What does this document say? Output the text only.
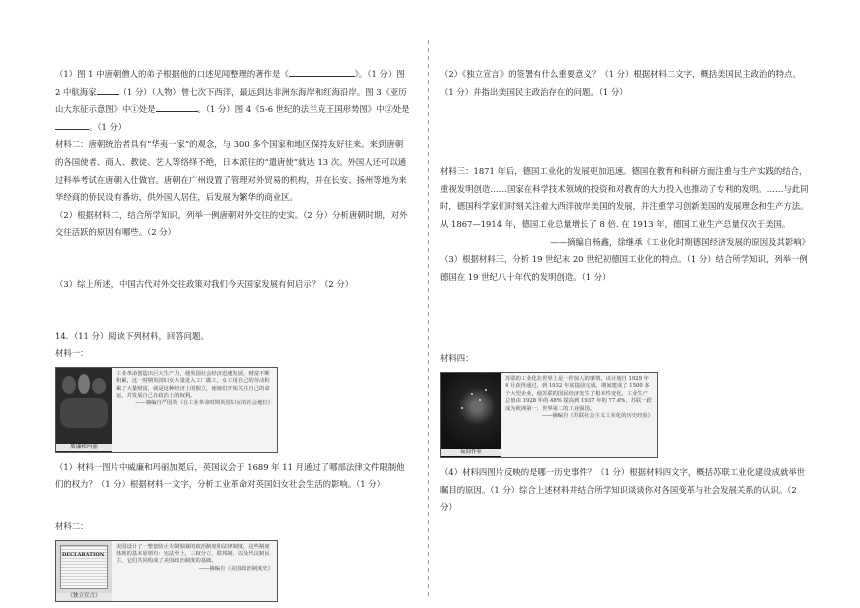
（1）图 1 中唐朝僧人的弟子根据他的口述见闻整理的著作是《	》。（1 分）图 2 中航海家	（1 分）（人物）曾七次下西洋，最远到达非洲东海岸和红海沿岸。图 3《亚历山大东征示意图》中①处是	。（1 分）图 4《5-6 世纪的法兰克王国形势图》中②处是。（1 分）

材料二：唐朝统治者具有“华夷一家”的观念，与 300 多个国家和地区保持友好往来。来到唐朝的各国使者、商人、教徒、艺人等络绎不绝，日本派往的“遣唐使”就达 13 次。外国人还可以通过科举考试在唐朝入仕做官。唐朝在广州设置了管理对外贸易的机构，并在长安、扬州等地为来华经商的侨民设有番坊，供外国人居住，后发展为繁华的商业区。

（2）根据材料二，结合所学知识，列举一例唐朝对外交往的史实。（2 分）分析唐朝时期，对外交往活跃的原因有哪些。（2 分）

（3）综上所述，中国古代对外交往政策对我们今天国家发展有何启示？（2 分）

14．（11 分）阅读下列材料，回答问题。

材料一：

威廉和玛丽
工业革命创造出巨大生产力，使英国社会经济迅速发展，财富不断积累，这一时期英国妇女大量进入工厂做工，女工用自己的劳动积累了大量财富，就是这种经济上的独立，使她们开始关注自己的命运，并发展自己在政治上的权利。
——摘编自严国英《在工业革命时期英国妇女的社会地位》

（1）材料一图片中威廉和玛丽加冕后，英国议会于 1689 年 11 月通过了哪部法律文件限制他们的权力？（1 分）根据材料一文字，分析工业革命对英国妇女社会生活的影响。（1 分）

材料二：

DECLARATION
《独立宣言》
美国设计了一整套防止专制独裁的政治制度和法律制度，这些制度体现的基本原则有：宪法至上，三权分立，联邦制，以及代议制民主，它们共同构成了美国政治制度的基础。
——摘编自《美国政治制度史》

（2）《独立宣言》的签署有什么重要意义？（1 分）根据材料二文字，概括美国民主政治的特点。（1 分）并指出美国民主政治存在的问题。（1 分）

材料三：1871 年后，德国工业化的发展更加迅速。德国在教育和科研方面注重与生产实践的结合，重视发明创造……国家在科学技术领域的投资和对教育的大力投入也推动了专利的发明。……与此同时，德国科学家们时刻关注着大西洋彼岸美国的发展，并注重学习创新美国的发展理念和生产方法。从 1867—1914 年，德国工业总量增长了 8 倍. 在 1913 年，德国工业生产总量仅次于美国。

——摘编自杨鑫，徐继承《工业化时期德国经济发展的原因及其影响》

（3）根据材料三，分析 19 世纪末 20 世纪初德国工业化的特点。（1 分）结合所学知识，列举一例德国在 19 世纪八十年代的发明创造。（1 分）

材料四：

夜间作业
苏联的工业化在世界上是一件惊人的事情。该计划自 1929 年 4 月获得通过，到 1932 年底提前完成，期间建成了 1500 多个大型企业，使苏联的国民经济发生了根本性变化，工业生产总值由 1928 年的 48% 提高到 1937 年的 77.4%，苏联一跃成为欧洲第一、世界第二的工业强国。
——摘编自《苏联社会主义工业化的历史经验》

（4）材料四图片反映的是哪一历史事件？（1 分）根据材料四文字，概括苏联工业化建设成就举世瞩目的原因。（1 分）综合上述材料并结合所学知识谈谈你对各国变革与社会发展关系的认识。（2 分）
